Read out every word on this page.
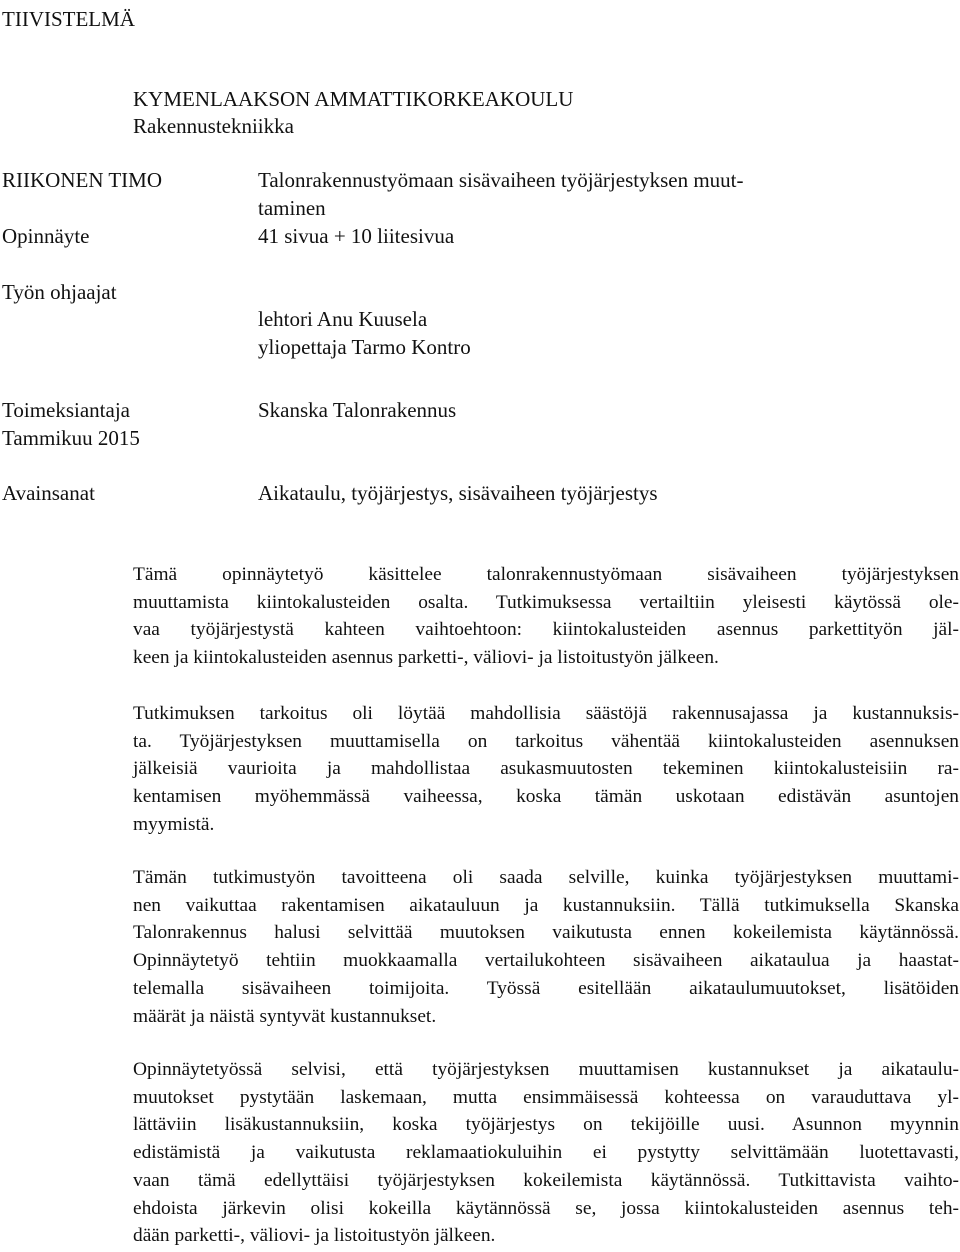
TIIVISTELMÄ
KYMENLAAKSON AMMATTIKORKEAKOULU
Rakennustekniikka
RIIKONEN TIMO
Opinnäyte
Työn ohjaajat
Toimeksiantaja
Tammikuu 2015
Avainsanat
Talonrakennustyömaan sisävaiheen työjärjestyksen muut-
taminen
41 sivua + 10 liitesivua
lehtori Anu Kuusela
yliopettaja Tarmo Kontro
Skanska Talonrakennus
Aikataulu, työjärjestys, sisävaiheen työjärjestys
Tämä opinnäytetyö käsittelee talonrakennustyömaan sisävaiheen työjärjestyksen
muuttamista kiintokalusteiden osalta. Tutkimuksessa vertailtiin yleisesti käytössä ole-
vaa työjärjestystä kahteen vaihtoehtoon: kiintokalusteiden asennus parkettityön jäl-
keen ja kiintokalusteiden asennus parketti-, väliovi- ja listoitustyön jälkeen.
Tutkimuksen tarkoitus oli löytää mahdollisia säästöjä rakennusajassa ja kustannuksis-
ta. Työjärjestyksen muuttamisella on tarkoitus vähentää kiintokalusteiden asennuksen
jälkeisiä vaurioita ja mahdollistaa asukasmuutosten tekeminen kiintokalusteisiin ra-
kentamisen myöhemmässä vaiheessa, koska tämän uskotaan edistävän asuntojen
myymistä.
Tämän tutkimustyön tavoitteena oli saada selville, kuinka työjärjestyksen muuttami-
nen vaikuttaa rakentamisen aikatauluun ja kustannuksiin. Tällä tutkimuksella Skanska
Talonrakennus halusi selvittää muutoksen vaikutusta ennen kokeilemista käytännössä.
Opinnäytetyö tehtiin muokkaamalla vertailukohteen sisävaiheen aikataulua ja haastat-
telemalla sisävaiheen toimijoita. Työssä esitellään aikataulumuutokset, lisätöiden
määrät ja näistä syntyvät kustannukset.
Opinnäytetyössä selvisi, että työjärjestyksen muuttamisen kustannukset ja aikataulu-
muutokset pystytään laskemaan, mutta ensimmäisessä kohteessa on varauduttava yl-
lättäviin lisäkustannuksiin, koska työjärjestys on tekijöille uusi. Asunnon myynnin
edistämistä ja vaikutusta reklamaatiokuluihin ei pystytty selvittämään luotettavasti,
vaan tämä edellyttäisi työjärjestyksen kokeilemista käytännössä. Tutkittavista vaihto-
ehdoista järkevin olisi kokeilla käytännössä se, jossa kiintokalusteiden asennus teh-
dään parketti-, väliovi- ja listoitustyön jälkeen.
